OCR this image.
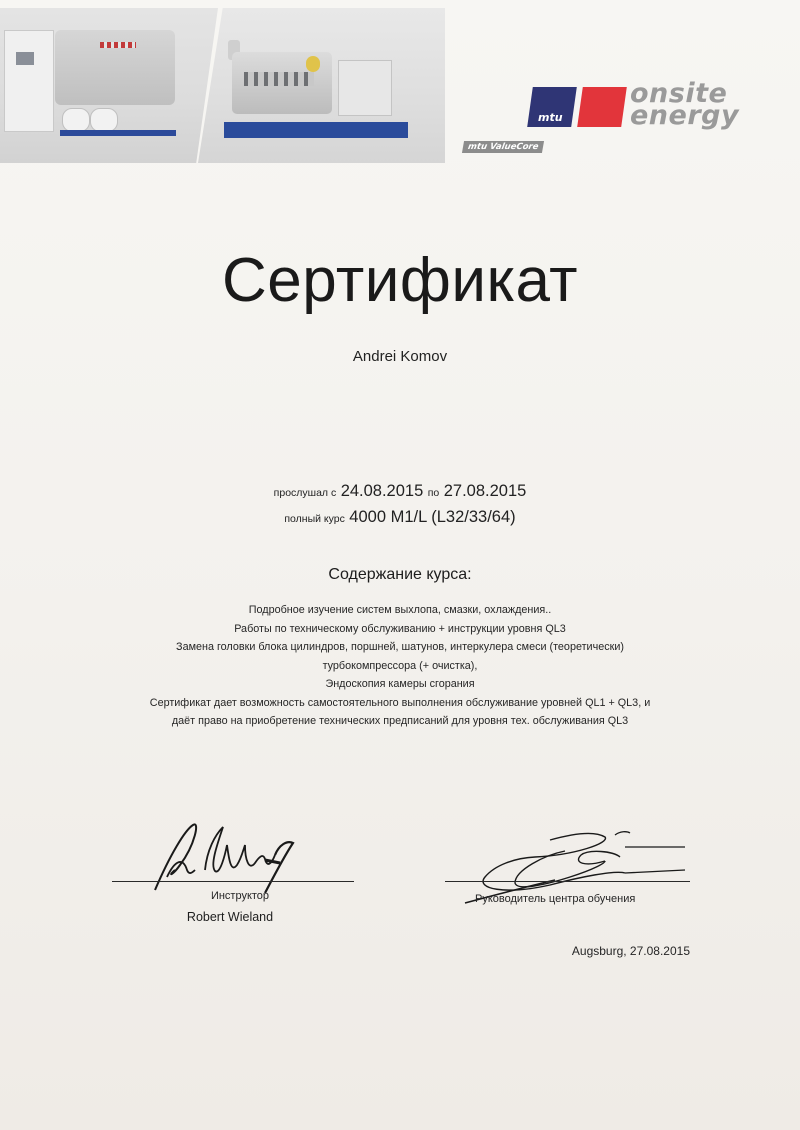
mtu
onsite
energy
mtu ValueCore
Сертификат
Andrei Komov
прослушал с 24.08.2015 по 27.08.2015
полный курс 4000 M1/L (L32/33/64)
Содержание курса:
Подробное изучение систем выхлопа, смазки, охлаждения..
Работы по техническому обслуживанию + инструкции уровня QL3
Замена головки блока цилиндров, поршней, шатунов, интеркулера смеси (теоретически)
турбокомпрессора (+ очистка),
Эндоскопия камеры сгорания
Сертификат дает возможность самостоятельного выполнения обслуживание уровней QL1 + QL3, и
даёт право на приобретение технических предписаний для уровня тех. обслуживания QL3
Инструктор
Robert Wieland
Руководитель центра обучения
Augsburg, 27.08.2015
